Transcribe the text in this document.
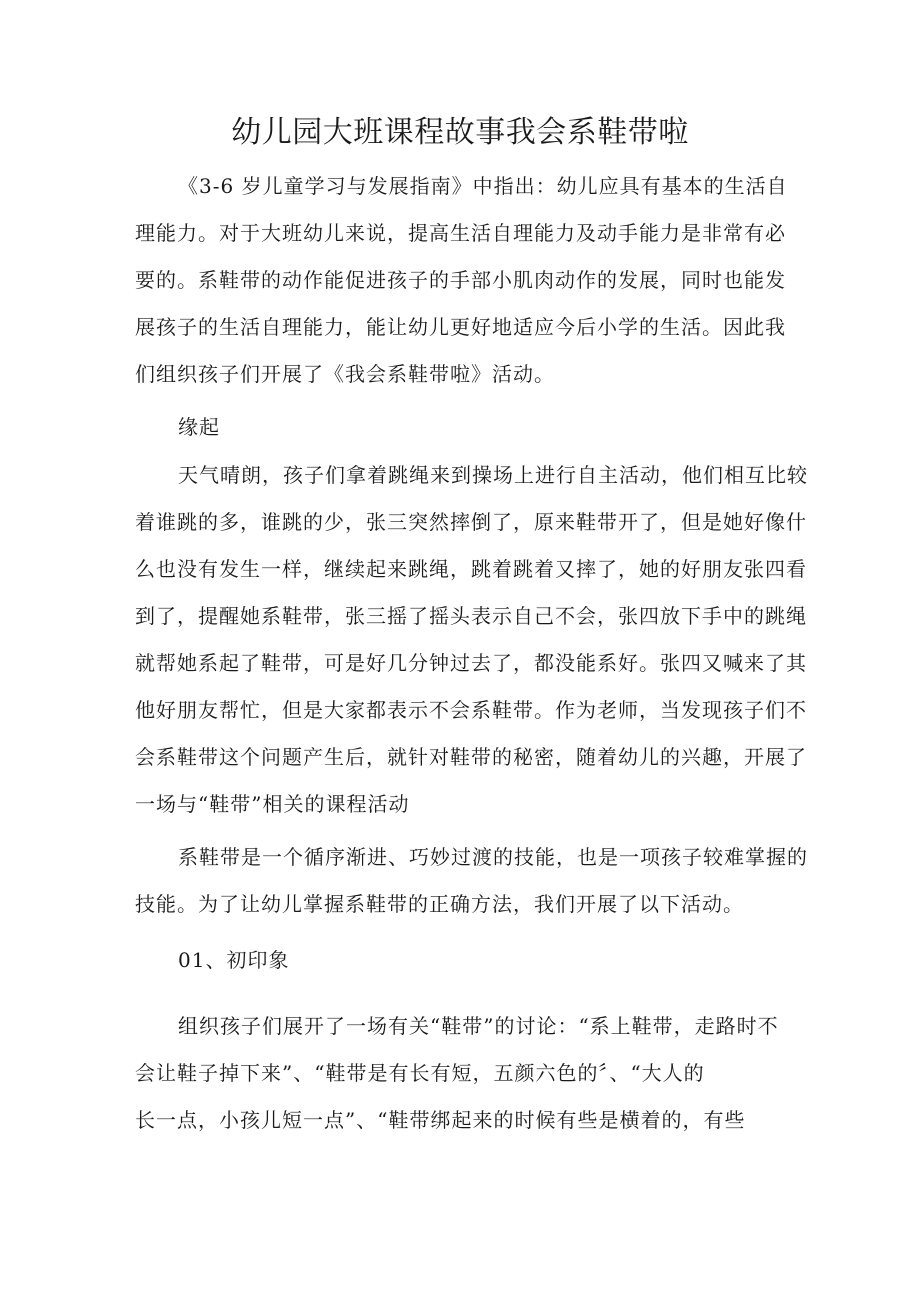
幼儿园大班课程故事我会系鞋带啦
《3-6 岁儿童学习与发展指南》中指出：幼儿应具有基本的生活自
理能力。对于大班幼儿来说，提高生活自理能力及动手能力是非常有必
要的。系鞋带的动作能促进孩子的手部小肌肉动作的发展，同时也能发
展孩子的生活自理能力，能让幼儿更好地适应今后小学的生活。因此我
们组织孩子们开展了《我会系鞋带啦》活动。
缘起
天气晴朗，孩子们拿着跳绳来到操场上进行自主活动，他们相互比较
着谁跳的多，谁跳的少，张三突然摔倒了，原来鞋带开了，但是她好像什
么也没有发生一样，继续起来跳绳，跳着跳着又摔了，她的好朋友张四看
到了，提醒她系鞋带，张三摇了摇头表示自己不会，张四放下手中的跳绳
就帮她系起了鞋带，可是好几分钟过去了，都没能系好。张四又喊来了其
他好朋友帮忙，但是大家都表示不会系鞋带。作为老师，当发现孩子们不
会系鞋带这个问题产生后，就针对鞋带的秘密，随着幼儿的兴趣，开展了
一场与“鞋带”相关的课程活动
系鞋带是一个循序渐进、巧妙过渡的技能，也是一项孩子较难掌握的
技能。为了让幼儿掌握系鞋带的正确方法，我们开展了以下活动。
01、初印象
组织孩子们展开了一场有关“鞋带”的讨论：“系上鞋带，走路时不
会让鞋子掉下来”、“鞋带是有长有短，五颜六色的〞、“大人的
长一点，小孩儿短一点”、“鞋带绑起来的时候有些是横着的，有些
